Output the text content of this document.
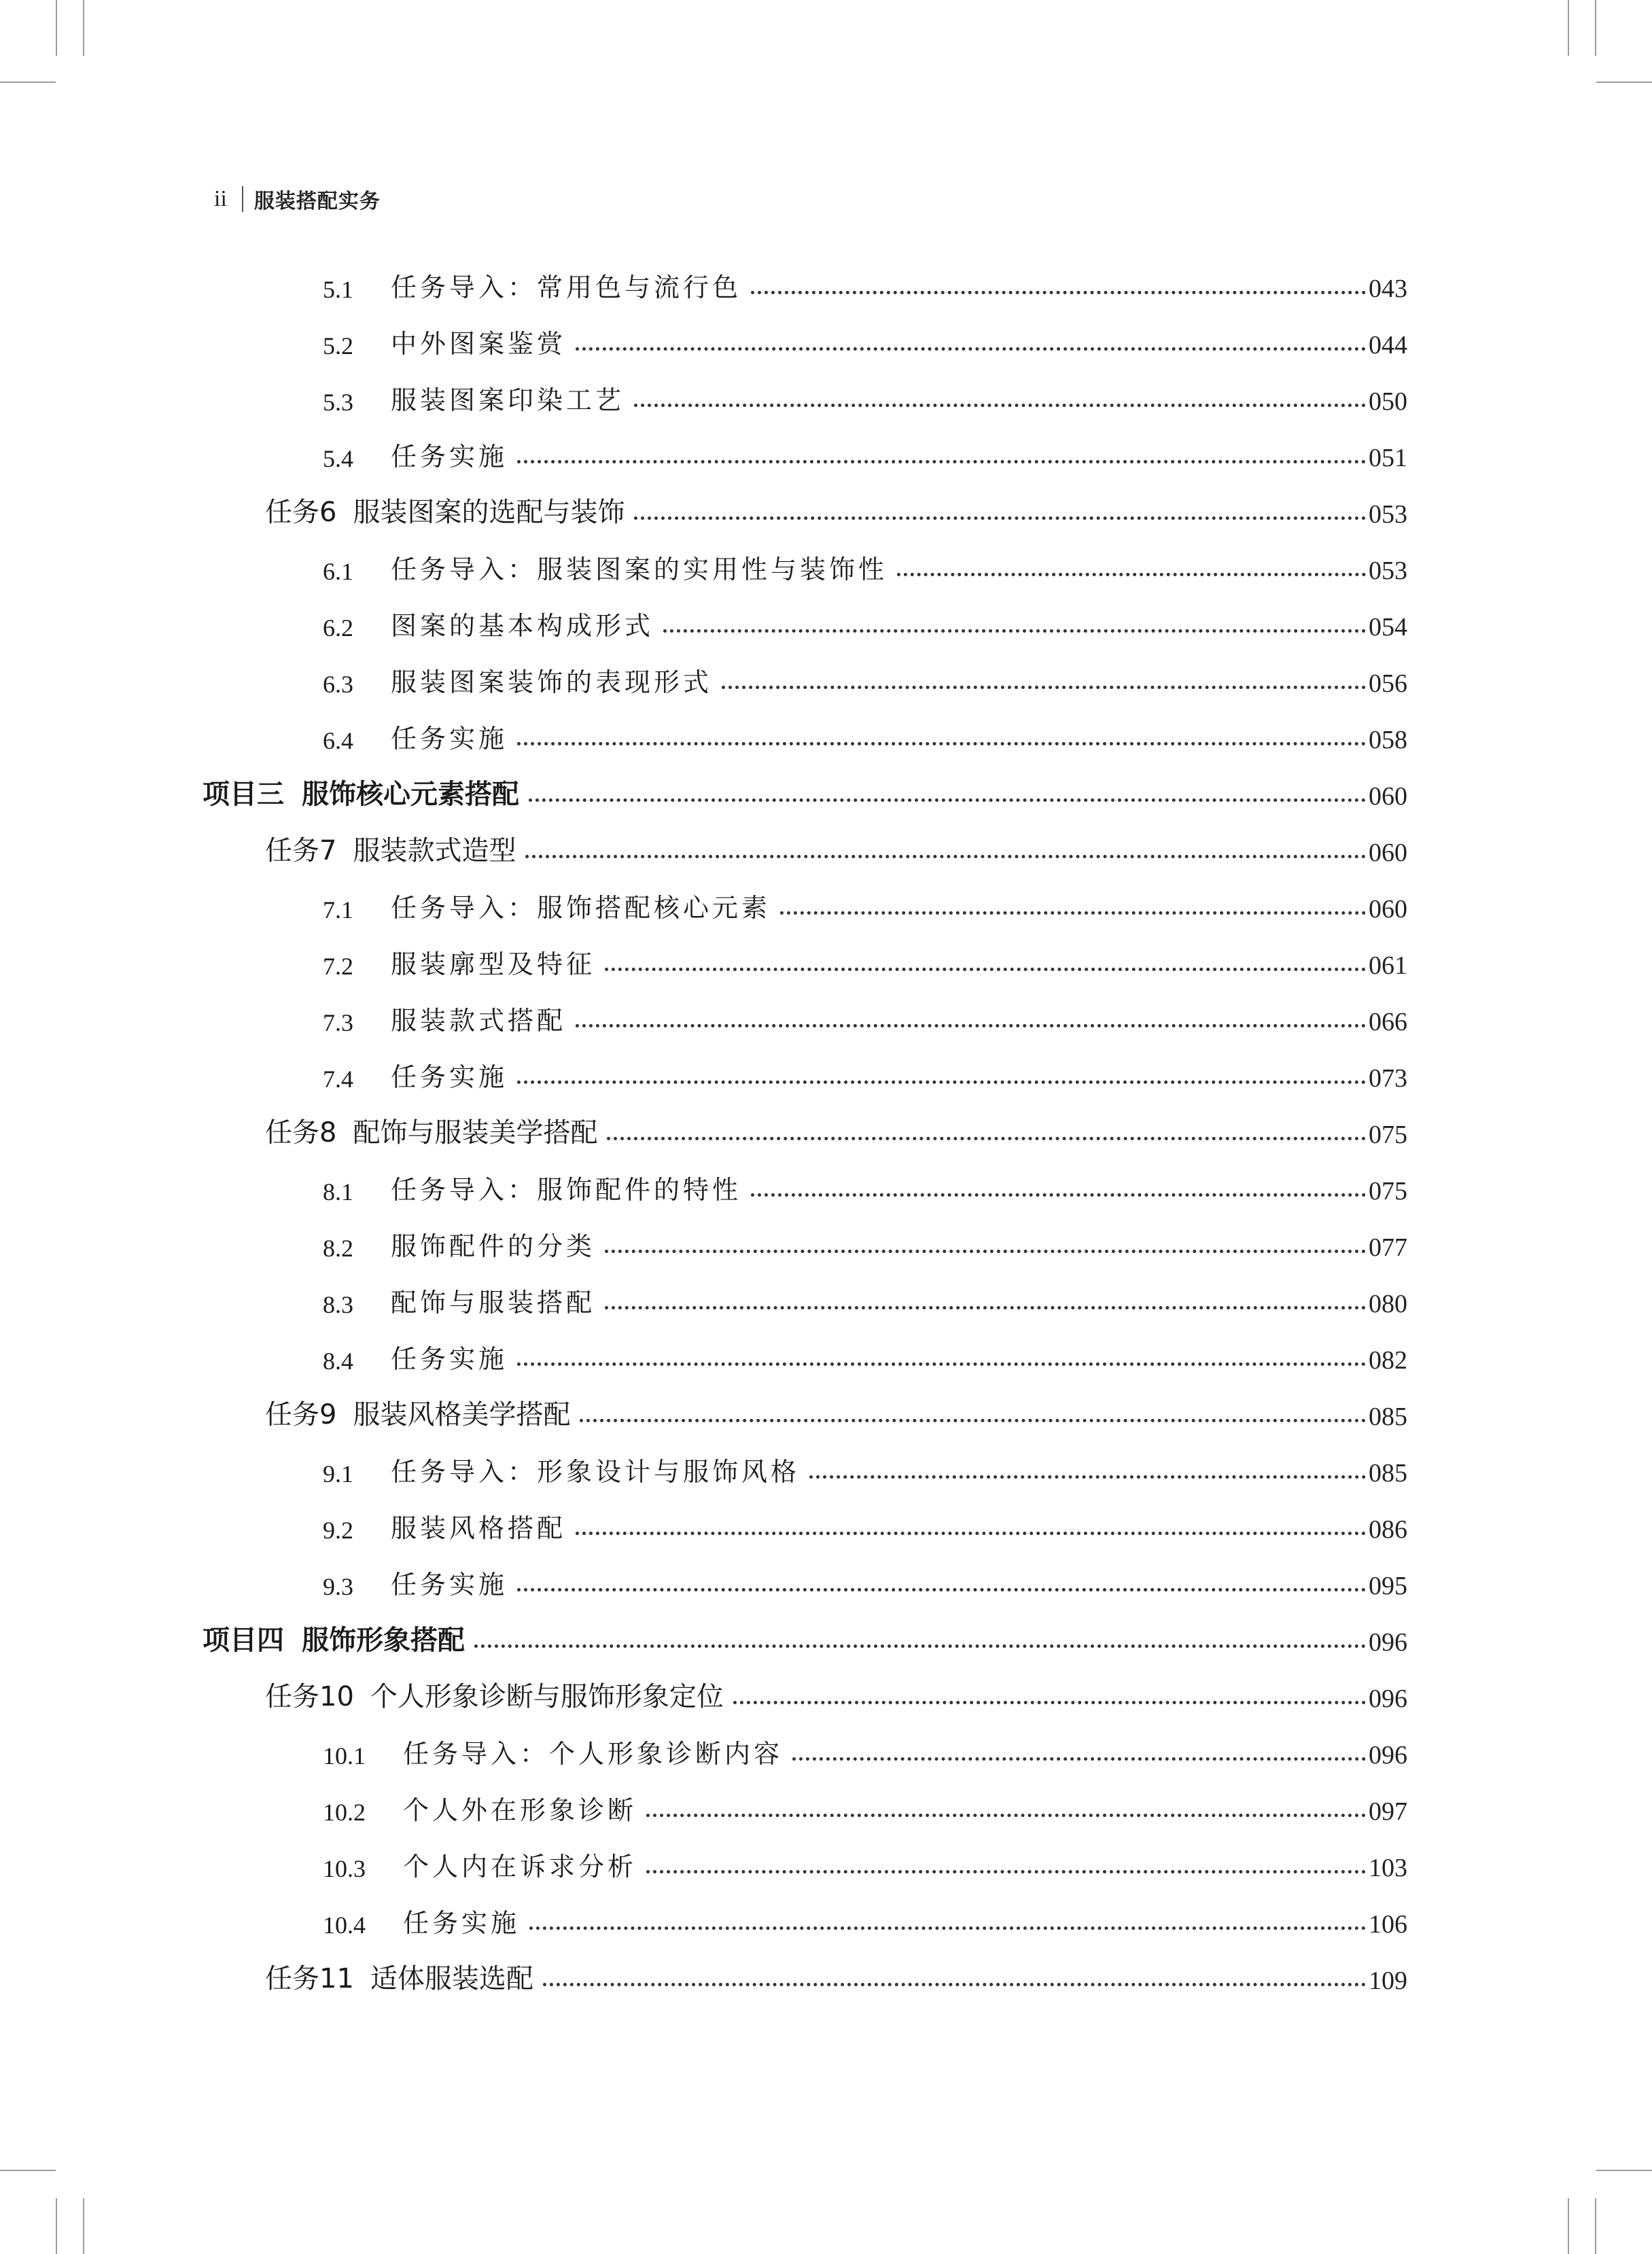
ii 服装搭配实务
5.1	任务导入：常用色与流行色	043
5.2	中外图案鉴赏	044
5.3	服装图案印染工艺	050
5.4	任务实施	051
任务6 服装图案的选配与装饰	053
6.1	任务导入：服装图案的实用性与装饰性	053
6.2	图案的基本构成形式	054
6.3	服装图案装饰的表现形式	056
6.4	任务实施	058
项目三 服饰核心元素搭配	060
任务7 服装款式造型	060
7.1	任务导入：服饰搭配核心元素	060
7.2	服装廓型及特征	061
7.3	服装款式搭配	066
7.4	任务实施	073
任务8 配饰与服装美学搭配	075
8.1	任务导入：服饰配件的特性	075
8.2	服饰配件的分类	077
8.3	配饰与服装搭配	080
8.4	任务实施	082
任务9 服装风格美学搭配	085
9.1	任务导入：形象设计与服饰风格	085
9.2	服装风格搭配	086
9.3	任务实施	095
项目四 服饰形象搭配	096
任务10 个人形象诊断与服饰形象定位	096
10.1	任务导入：个人形象诊断内容	096
10.2	个人外在形象诊断	097
10.3	个人内在诉求分析	103
10.4	任务实施	106
任务11 适体服装选配	109
